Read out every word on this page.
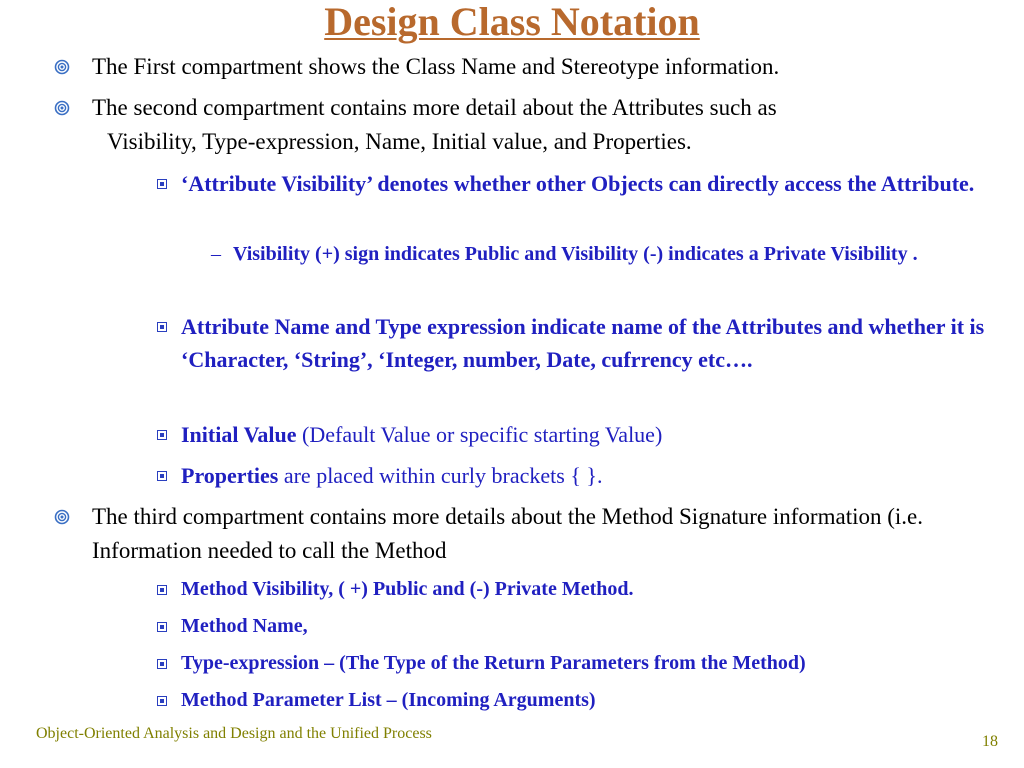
Design Class Notation
The First compartment shows the Class Name and Stereotype information.
The second compartment contains more detail about the Attributes such as
Visibility, Type-expression, Name, Initial value, and Properties.
‘Attribute Visibility’ denotes whether other Objects can directly access the Attribute.
– Visibility (+) sign indicates Public and Visibility (-) indicates a Private Visibility .
Attribute Name and Type expression indicate name of the Attributes and whether it is ‘Character, ‘String’, ‘Integer, number, Date, cufrrency etc….
Initial Value (Default Value or specific starting Value)
Properties are placed within curly brackets { }.
The third compartment contains more details about the Method Signature information (i.e. Information needed to call the Method
Method Visibility, ( +) Public and (-) Private Method.
Method Name,
Type-expression – (The Type of the Return Parameters from the Method)
Method Parameter List – (Incoming Arguments)
Object-Oriented Analysis and Design and the Unified Process	18
